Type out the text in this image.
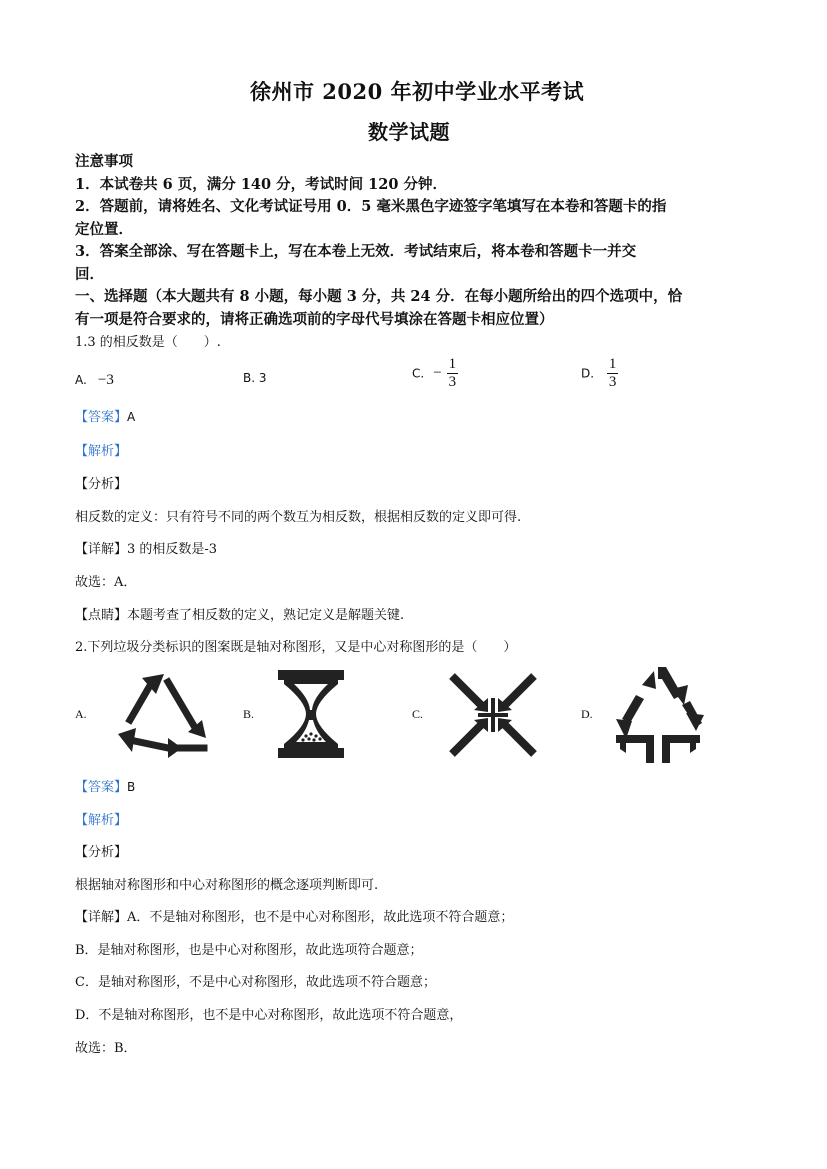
徐州市 2020 年初中学业水平考试
数学试题
注意事项
1．本试卷共 6 页，满分 140 分，考试时间 120 分钟．
2．答题前，请将姓名、文化考试证号用 0．5 毫米黑色字迹签字笔填写在本卷和答题卡的指
定位置．
3．答案全部涂、写在答题卡上，写在本卷上无效．考试结束后，将本卷和答题卡一并交
回．
一、选择题（本大题共有 8 小题，每小题 3 分，共 24 分．在每小题所给出的四个选项中，恰
有一项是符合要求的，请将正确选项前的字母代号填涂在答题卡相应位置）
1.3 的相反数是（　　）.
A. −3	B. 3	C. − $\frac{1}{3}$	D. $\frac{1}{3}$
【答案】A
【解析】
【分析】
相反数的定义：只有符号不同的两个数互为相反数，根据相反数的定义即可得.
【详解】3 的相反数是-3
故选：A．
【点睛】本题考查了相反数的定义，熟记定义是解题关键.
2.下列垃圾分类标识的图案既是轴对称图形，又是中心对称图形的是（　　）
A.	B.	C.	D.
【答案】B
【解析】
【分析】
根据轴对称图形和中心对称图形的概念逐项判断即可.
【详解】A．不是轴对称图形，也不是中心对称图形，故此选项不符合题意；
B．是轴对称图形，也是中心对称图形，故此选项符合题意；
C．是轴对称图形，不是中心对称图形，故此选项不符合题意；
D．不是轴对称图形，也不是中心对称图形，故此选项不符合题意，
故选：B．
